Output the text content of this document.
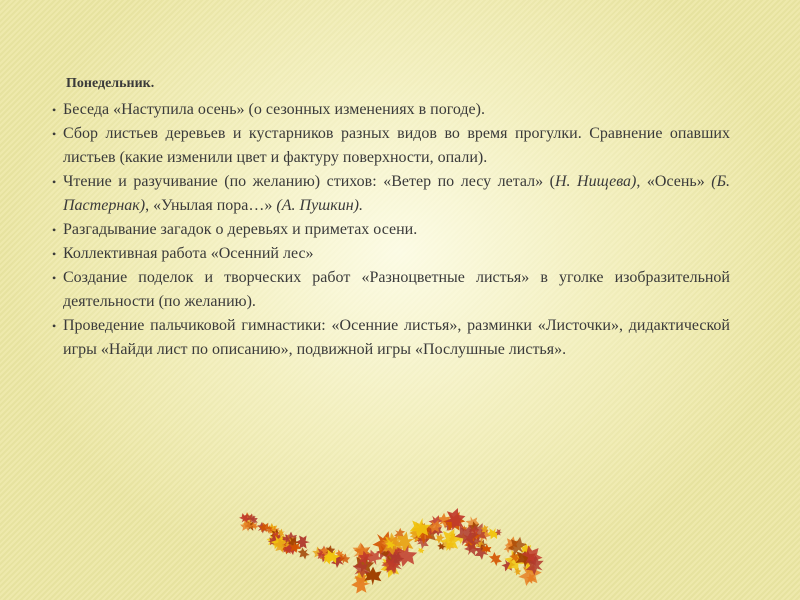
Понедельник.
• Беседа «Наступила осень» (о сезонных изменениях в погоде).
• Сбор листьев деревьев и кустарников разных видов во время прогулки. Сравнение опавших листьев (какие изменили цвет и фактуру поверхности, опали).
• Чтение и разучивание (по желанию) стихов: «Ветер по лесу летал» (Н. Нищева), «Осень» (Б. Пастернак), «Унылая пора…» (А. Пушкин).
• Разгадывание загадок о деревьях и приметах осени.
• Коллективная работа «Осенний лес»
• Создание поделок и творческих работ «Разноцветные листья» в уголке изобразительной деятельности (по желанию).
• Проведение пальчиковой гимнастики: «Осенние листья», разминки «Листочки», дидактической игры «Найди лист по описанию», подвижной игры «Послушные листья».
